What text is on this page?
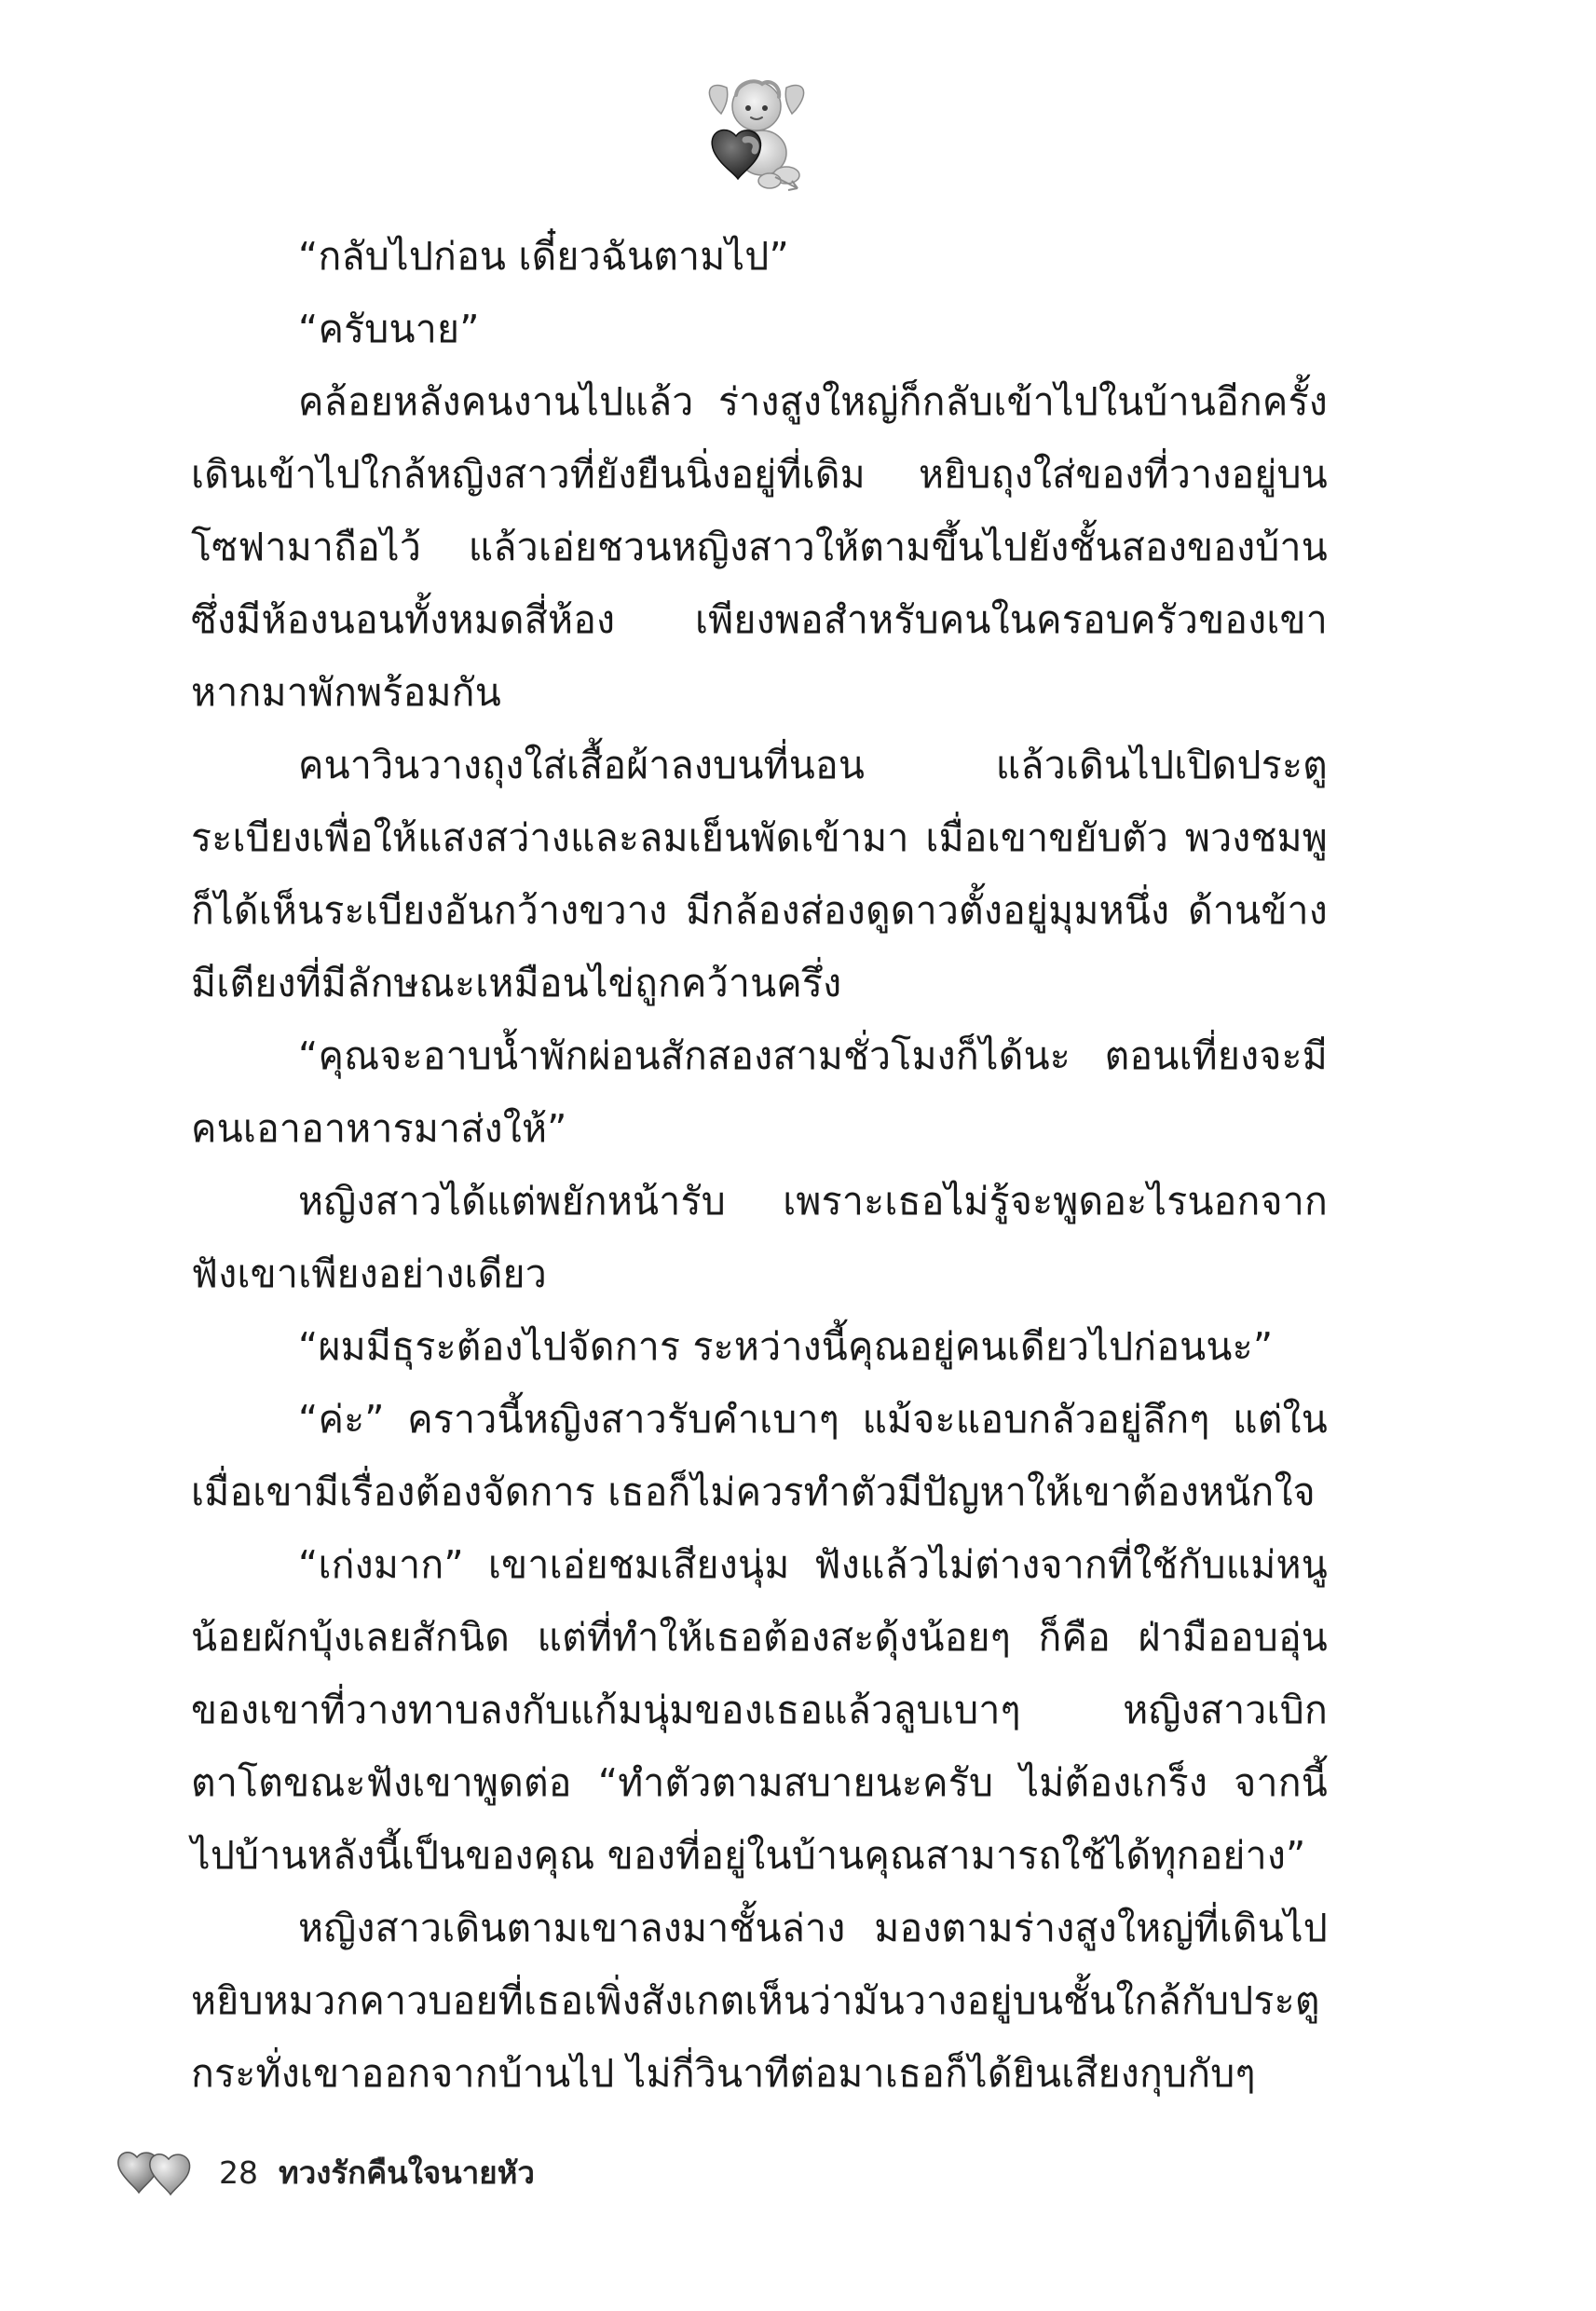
“กลับไปก่อน เดี๋ยวฉันตามไป”

“ครับนาย”

คล้อยหลังคนงานไปแล้ว ร่างสูงใหญ่ก็กลับเข้าไปในบ้านอีกครั้ง เดินเข้าไปใกล้หญิงสาวที่ยังยืนนิ่งอยู่ที่เดิม หยิบถุงใส่ของที่วางอยู่บนโซฟามาถือไว้ แล้วเอ่ยชวนหญิงสาวให้ตามขึ้นไปยังชั้นสองของบ้าน ซึ่งมีห้องนอนทั้งหมดสี่ห้อง เพียงพอสำหรับคนในครอบครัวของเขาหากมาพักพร้อมกัน

คนาวินวางถุงใส่เสื้อผ้าลงบนที่นอน แล้วเดินไปเปิดประตูระเบียงเพื่อให้แสงสว่างและลมเย็นพัดเข้ามา เมื่อเขาขยับตัว พวงชมพูก็ได้เห็นระเบียงอันกว้างขวาง มีกล้องส่องดูดาวตั้งอยู่มุมหนึ่ง ด้านข้างมีเตียงที่มีลักษณะเหมือนไข่ถูกคว้านครึ่ง

“คุณจะอาบน้ำพักผ่อนสักสองสามชั่วโมงก็ได้นะ ตอนเที่ยงจะมีคนเอาอาหารมาส่งให้”

หญิงสาวได้แต่พยักหน้ารับ เพราะเธอไม่รู้จะพูดอะไรนอกจากฟังเขาเพียงอย่างเดียว

“ผมมีธุระต้องไปจัดการ ระหว่างนี้คุณอยู่คนเดียวไปก่อนนะ”

“ค่ะ” คราวนี้หญิงสาวรับคำเบาๆ แม้จะแอบกลัวอยู่ลึกๆ แต่ในเมื่อเขามีเรื่องต้องจัดการ เธอก็ไม่ควรทำตัวมีปัญหาให้เขาต้องหนักใจ

“เก่งมาก” เขาเอ่ยชมเสียงนุ่ม ฟังแล้วไม่ต่างจากที่ใช้กับแม่หนูน้อยผักบุ้งเลยสักนิด แต่ที่ทำให้เธอต้องสะดุ้งน้อยๆ ก็คือ ฝ่ามืออบอุ่นของเขาที่วางทาบลงกับแก้มนุ่มของเธอแล้วลูบเบาๆ หญิงสาวเบิกตาโตขณะฟังเขาพูดต่อ “ทำตัวตามสบายนะครับ ไม่ต้องเกร็ง จากนี้ไปบ้านหลังนี้เป็นของคุณ ของที่อยู่ในบ้านคุณสามารถใช้ได้ทุกอย่าง”

หญิงสาวเดินตามเขาลงมาชั้นล่าง มองตามร่างสูงใหญ่ที่เดินไปหยิบหมวกคาวบอยที่เธอเพิ่งสังเกตเห็นว่ามันวางอยู่บนชั้นใกล้กับประตูกระทั่งเขาออกจากบ้านไป ไม่กี่วินาทีต่อมาเธอก็ได้ยินเสียงกุบกับๆ

28 ทวงรักคืนใจนายหัว
